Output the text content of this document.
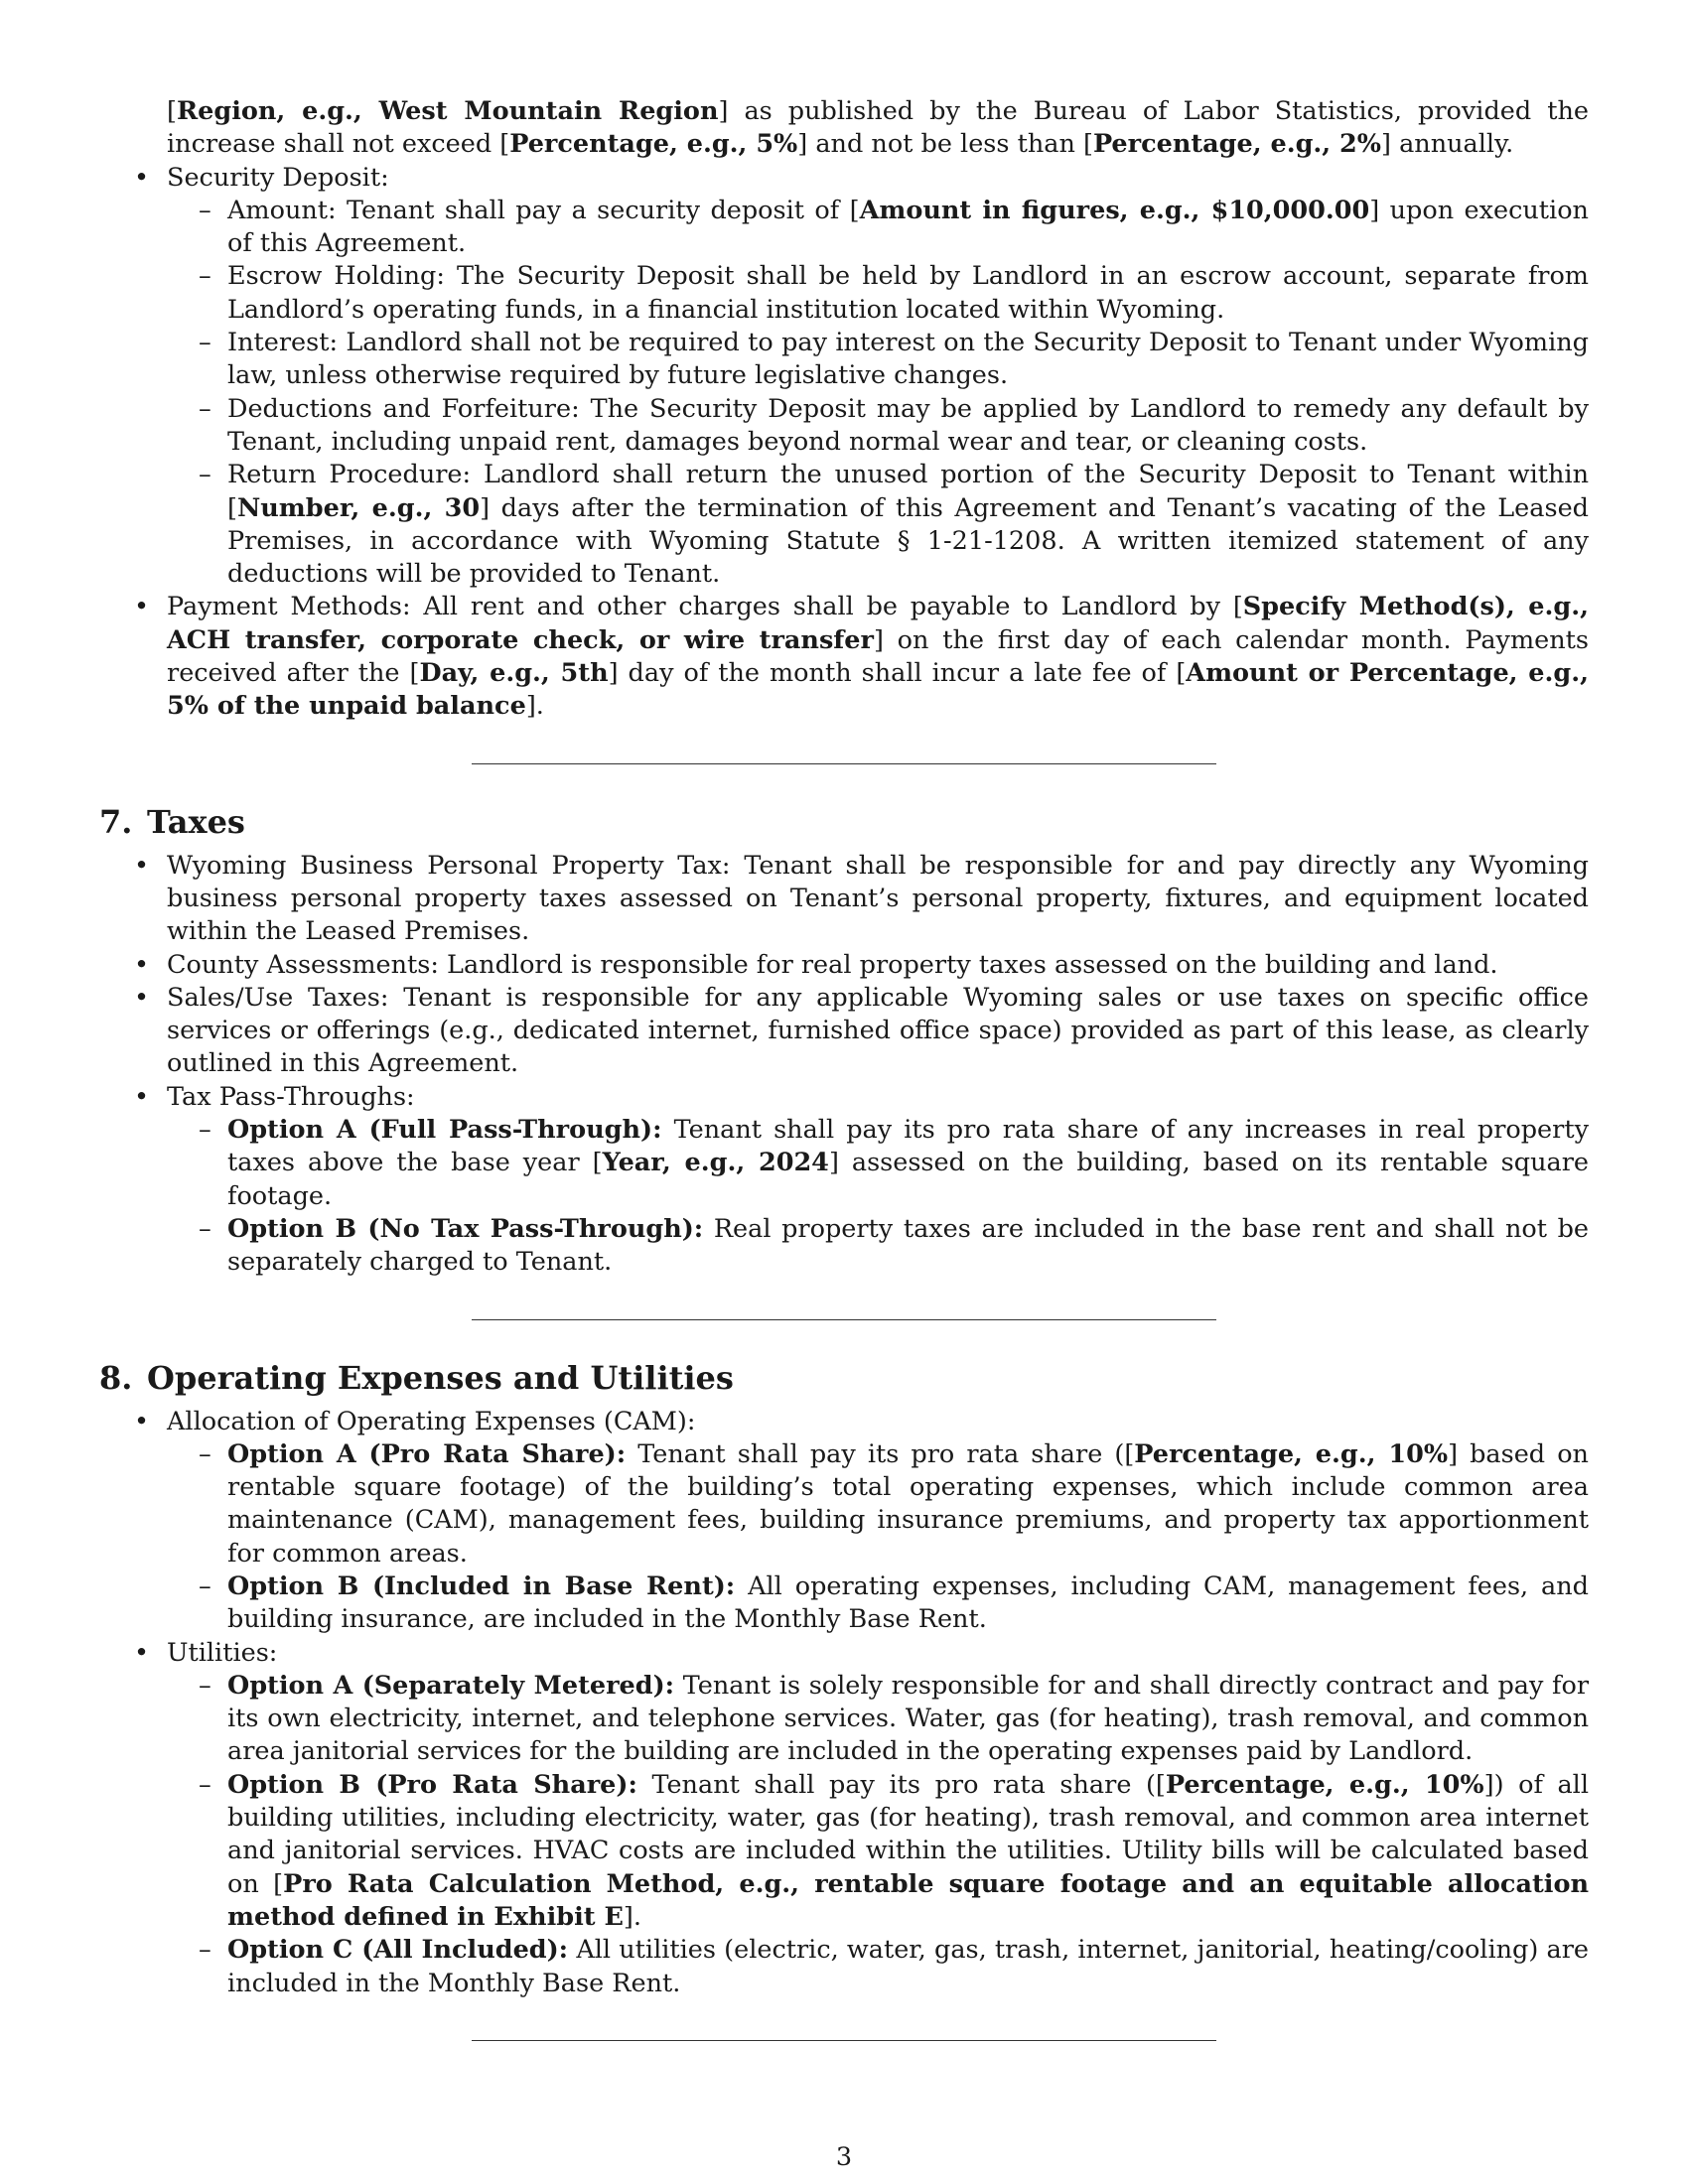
[Region, e.g., West Mountain Region] as published by the Bureau of Labor Statistics, provided the increase shall not exceed [Percentage, e.g., 5%] and not be less than [Percentage, e.g., 2%] annually.
• Security Deposit:
– Amount: Tenant shall pay a security deposit of [Amount in figures, e.g., $10,000.00] upon execution of this Agreement.
– Escrow Holding: The Security Deposit shall be held by Landlord in an escrow account, separate from Landlord’s operating funds, in a financial institution located within Wyoming.
– Interest: Landlord shall not be required to pay interest on the Security Deposit to Tenant under Wyoming law, unless otherwise required by future legislative changes.
– Deductions and Forfeiture: The Security Deposit may be applied by Landlord to remedy any default by Tenant, including unpaid rent, damages beyond normal wear and tear, or cleaning costs.
– Return Procedure: Landlord shall return the unused portion of the Security Deposit to Tenant within [Number, e.g., 30] days after the termination of this Agreement and Tenant’s vacating of the Leased Premises, in accordance with Wyoming Statute § 1-21-1208. A written itemized statement of any deductions will be provided to Tenant.
• Payment Methods: All rent and other charges shall be payable to Landlord by [Specify Method(s), e.g., ACH transfer, corporate check, or wire transfer] on the first day of each calendar month. Payments received after the [Day, e.g., 5th] day of the month shall incur a late fee of [Amount or Percentage, e.g., 5% of the unpaid balance].
7. Taxes
• Wyoming Business Personal Property Tax: Tenant shall be responsible for and pay directly any Wyoming business personal property taxes assessed on Tenant’s personal property, fixtures, and equipment located within the Leased Premises.
• County Assessments: Landlord is responsible for real property taxes assessed on the building and land.
• Sales/Use Taxes: Tenant is responsible for any applicable Wyoming sales or use taxes on specific office services or offerings (e.g., dedicated internet, furnished office space) provided as part of this lease, as clearly outlined in this Agreement.
• Tax Pass-Throughs:
– Option A (Full Pass-Through): Tenant shall pay its pro rata share of any increases in real property taxes above the base year [Year, e.g., 2024] assessed on the building, based on its rentable square footage.
– Option B (No Tax Pass-Through): Real property taxes are included in the base rent and shall not be separately charged to Tenant.
8. Operating Expenses and Utilities
• Allocation of Operating Expenses (CAM):
– Option A (Pro Rata Share): Tenant shall pay its pro rata share ([Percentage, e.g., 10%] based on rentable square footage) of the building’s total operating expenses, which include common area maintenance (CAM), management fees, building insurance premiums, and property tax apportionment for common areas.
– Option B (Included in Base Rent): All operating expenses, including CAM, management fees, and building insurance, are included in the Monthly Base Rent.
• Utilities:
– Option A (Separately Metered): Tenant is solely responsible for and shall directly contract and pay for its own electricity, internet, and telephone services. Water, gas (for heating), trash removal, and common area janitorial services for the building are included in the operating expenses paid by Landlord.
– Option B (Pro Rata Share): Tenant shall pay its pro rata share ([Percentage, e.g., 10%]) of all building utilities, including electricity, water, gas (for heating), trash removal, and common area internet and janitorial services. HVAC costs are included within the utilities. Utility bills will be calculated based on [Pro Rata Calculation Method, e.g., rentable square footage and an equitable allocation method defined in Exhibit E].
– Option C (All Included): All utilities (electric, water, gas, trash, internet, janitorial, heating/cooling) are included in the Monthly Base Rent.
3
